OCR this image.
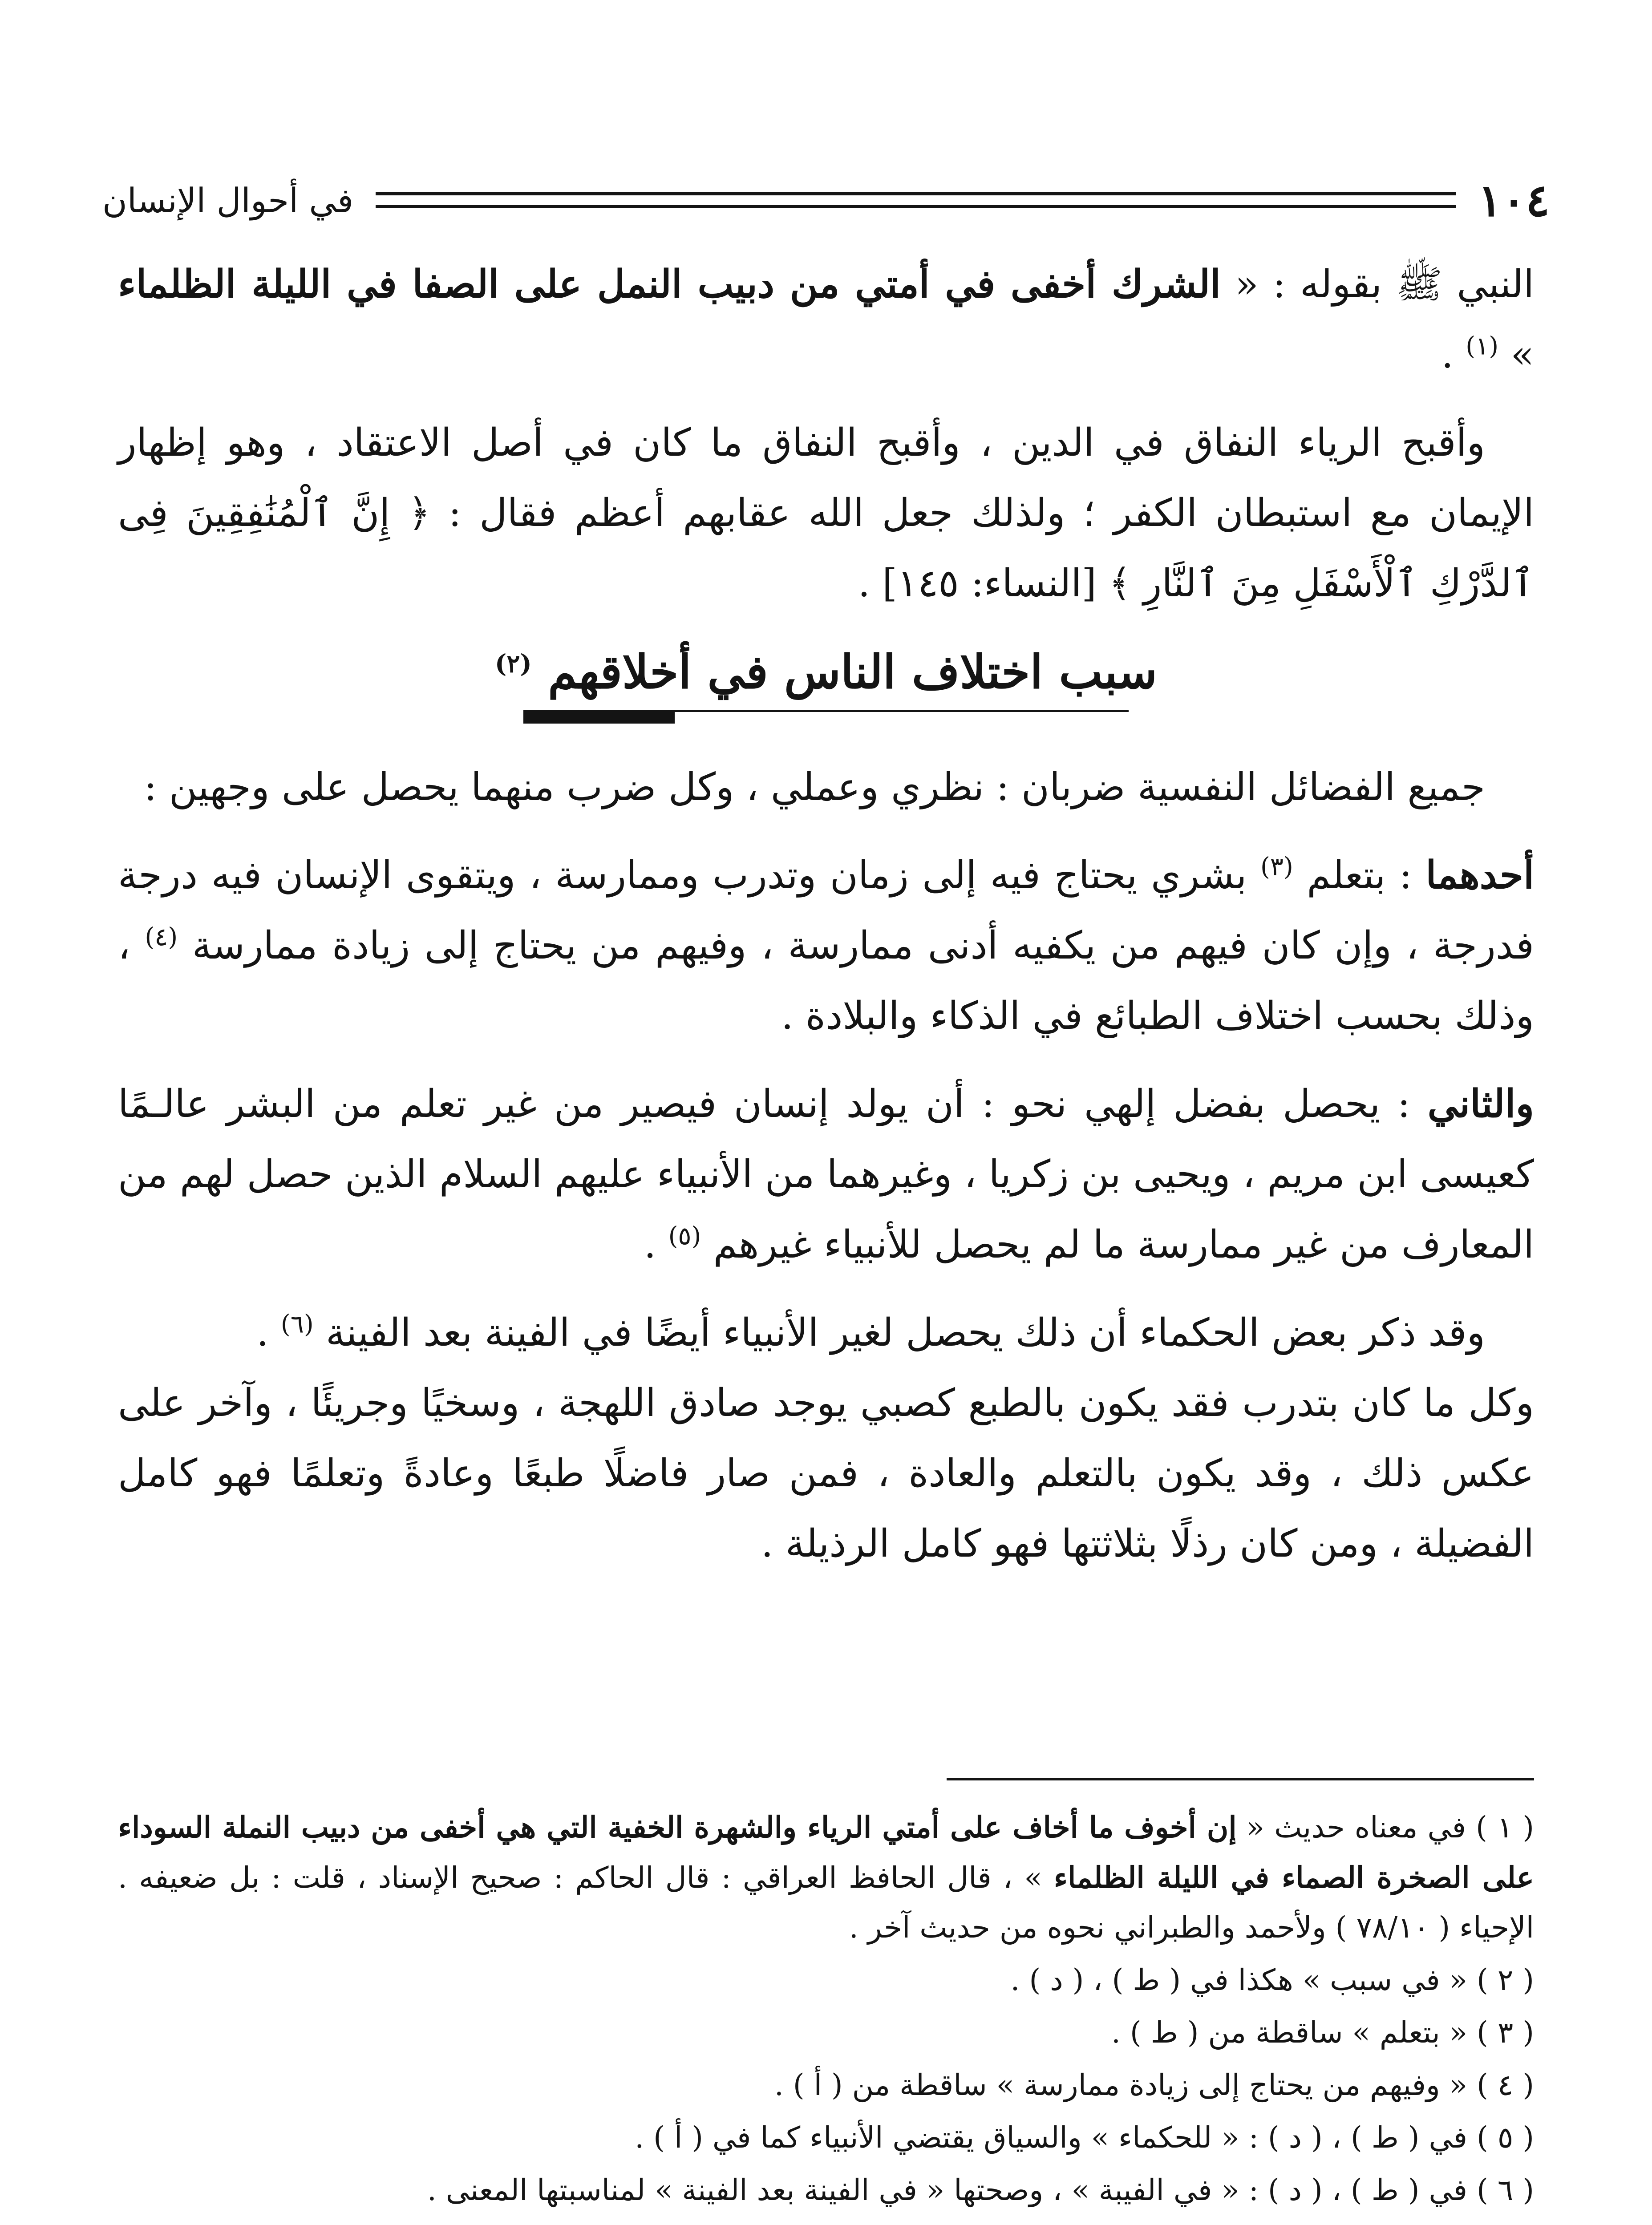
١٠٤
في أحوال الإنسان

النبي ﷺ بقوله : « الشرك أخفى في أمتي من دبيب النمل على الصفا في الليلة الظلماء » $^{(١)}$ .

وأقبح الرياء النفاق في الدين ، وأقبح النفاق ما كان في أصل الاعتقاد ، وهو إظهار الإيمان مع استبطان الكفر ؛ ولذلك جعل الله عقابهم أعظم فقال : ﴿ إِنَّ ٱلْمُنَٰفِقِينَ فِى ٱلدَّرْكِ ٱلْأَسْفَلِ مِنَ ٱلنَّارِ ﴾ [النساء: ١٤٥] .

سبب اختلاف الناس في أخلاقهم $^{(٢)}$

جميع الفضائل النفسية ضربان : نظري وعملي ، وكل ضرب منهما يحصل على وجهين :

أحدهما : بتعلم $^{(٣)}$ بشري يحتاج فيه إلى زمان وتدرب وممارسة ، ويتقوى الإنسان فيه درجة فدرجة ، وإن كان فيهم من يكفيه أدنى ممارسة ، وفيهم من يحتاج إلى زيادة ممارسة $^{(٤)}$ ، وذلك بحسب اختلاف الطبائع في الذكاء والبلادة .

والثاني : يحصل بفضل إلهي نحو : أن يولد إنسان فيصير من غير تعلم من البشر عالـمًا كعيسى ابن مريم ، ويحيى بن زكريا ، وغيرهما من الأنبياء عليهم السلام الذين حصل لهم من المعارف من غير ممارسة ما لم يحصل للأنبياء غيرهم $^{(٥)}$ .

وقد ذكر بعض الحكماء أن ذلك يحصل لغير الأنبياء أيضًا في الفينة بعد الفينة $^{(٦)}$ .

وكل ما كان بتدرب فقد يكون بالطبع كصبي يوجد صادق اللهجة ، وسخيًا وجريئًا ، وآخر على عكس ذلك ، وقد يكون بالتعلم والعادة ، فمن صار فاضلًا طبعًا وعادةً وتعلمًا فهو كامل الفضيلة ، ومن كان رذلًا بثلاثتها فهو كامل الرذيلة .

( ١ ) في معناه حديث « إن أخوف ما أخاف على أمتي الرياء والشهرة الخفية التي هي أخفى من دبيب النملة السوداء على الصخرة الصماء في الليلة الظلماء » ، قال الحافظ العراقي : قال الحاكم : صحيح الإسناد ، قلت : بل ضعيفه . الإحياء ( ٧٨/١٠ ) ولأحمد والطبراني نحوه من حديث آخر .

( ٢ ) « في سبب » هكذا في ( ط ) ، ( د ) .

( ٣ ) « بتعلم » ساقطة من ( ط ) .

( ٤ ) « وفيهم من يحتاج إلى زيادة ممارسة » ساقطة من ( أ ) .

( ٥ ) في ( ط ) ، ( د ) : « للحكماء » والسياق يقتضي الأنبياء كما في ( أ ) .

( ٦ ) في ( ط ) ، ( د ) : « في الفيبة » ، وصحتها « في الفينة بعد الفينة » لمناسبتها المعنى .
